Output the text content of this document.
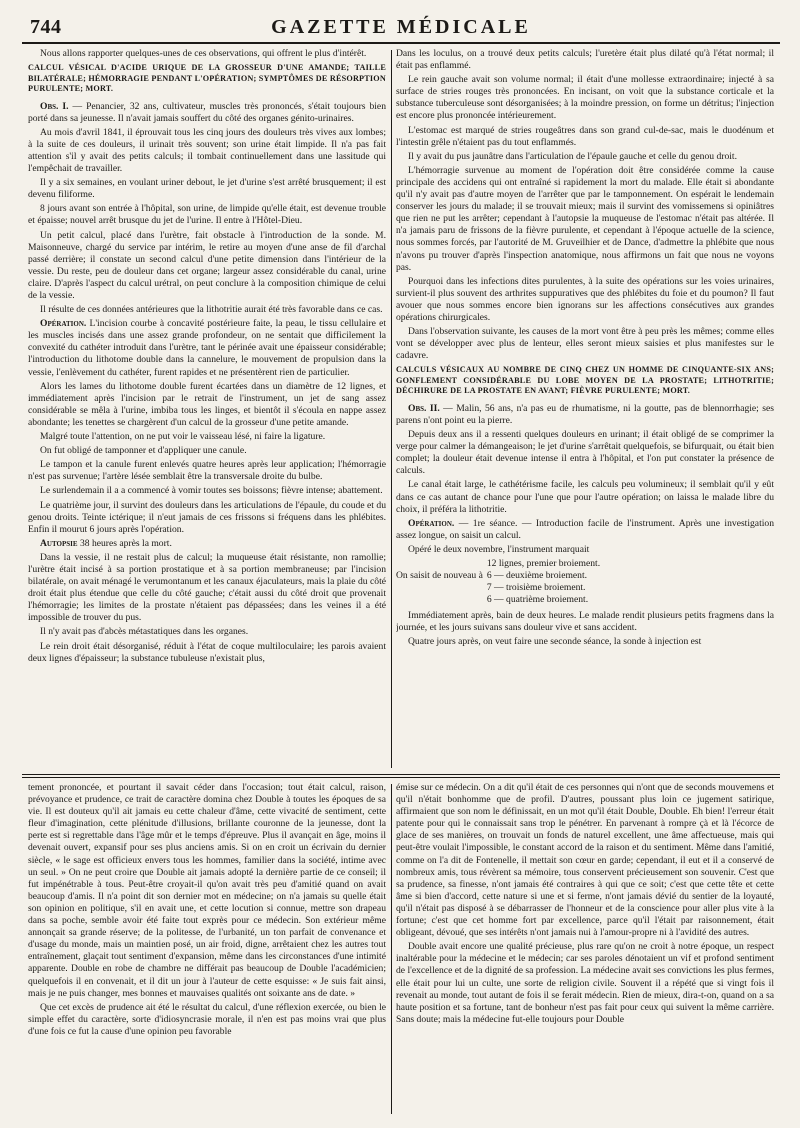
744	GAZETTE MÉDICALE

Nous allons rapporter quelques-unes de ces observations, qui offrent le plus d'intérêt.

CALCUL VÉSICAL D'ACIDE URIQUE DE LA GROSSEUR D'UNE AMANDE; TAILLE BILATÉRALE; HÉMORRAGIE PENDANT L'OPÉRATION; SYMPTÔMES DE RÉSORPTION PURULENTE; MORT.

Obs. I. — Penancier, 32 ans, cultivateur, muscles très prononcés, s'était toujours bien porté dans sa jeunesse. Il n'avait jamais souffert du côté des organes génito-urinaires.

Au mois d'avril 1841, il éprouvait tous les cinq jours des douleurs très vives aux lombes; à la suite de ces douleurs, il urinait très souvent; son urine était limpide. Il n'a pas fait attention s'il y avait des petits calculs; il tombait continuellement dans une lassitude qui l'empêchait de travailler.

Il y a six semaines, en voulant uriner debout, le jet d'urine s'est arrêté brusquement; il est devenu filiforme.

8 jours avant son entrée à l'hôpital, son urine, de limpide qu'elle était, est devenue trouble et épaisse; nouvel arrêt brusque du jet de l'urine. Il entre à l'Hôtel-Dieu.

Un petit calcul, placé dans l'urètre, fait obstacle à l'introduction de la sonde. M. Maisonneuve, chargé du service par intérim, le retire au moyen d'une anse de fil d'archal passé derrière; il constate un second calcul d'une petite dimension dans l'intérieur de la vessie. Du reste, peu de douleur dans cet organe; largeur assez considérable du canal, urine claire. D'après l'aspect du calcul urétral, on peut conclure à la composition chimique de celui de la vessie.

Il résulte de ces données antérieures que la lithotritie aurait été très favorable dans ce cas.

Opération. L'incision courbe à concavité postérieure faite, la peau, le tissu cellulaire et les muscles incisés dans une assez grande profondeur, on ne sentait que difficilement la convexité du cathéter introduit dans l'urètre, tant le périnée avait une épaisseur considérable; l'introduction du lithotome double dans la cannelure, le mouvement de propulsion dans la vessie, l'enlèvement du cathéter, furent rapides et ne présentèrent rien de particulier.

Alors les lames du lithotome double furent écartées dans un diamètre de 12 lignes, et immédiatement après l'incision par le retrait de l'instrument, un jet de sang assez considérable se mêla à l'urine, imbiba tous les linges, et bientôt il s'écoula en nappe assez abondante; les tenettes se chargèrent d'un calcul de la grosseur d'une petite amande.

Malgré toute l'attention, on ne put voir le vaisseau lésé, ni faire la ligature.

On fut obligé de tamponner et d'appliquer une canule.

Le tampon et la canule furent enlevés quatre heures après leur application; l'hémorragie n'est pas survenue; l'artère lésée semblait être la transversale droite du bulbe.

Le surlendemain il a a commencé à vomir toutes ses boissons; fièvre intense; abattement.

Le quatrième jour, il survint des douleurs dans les articulations de l'épaule, du coude et du genou droits. Teinte ictérique; il n'eut jamais de ces frissons si fréquens dans les phlébites. Enfin il mourut 6 jours après l'opération.

Autopsie 38 heures après la mort.

Dans la vessie, il ne restait plus de calcul; la muqueuse était résistante, non ramollie; l'urètre était incisé à sa portion prostatique et à sa portion membraneuse; par l'incision bilatérale, on avait ménagé le verumontanum et les canaux éjaculateurs, mais la plaie du côté droit était plus étendue que celle du côté gauche; c'était aussi du côté droit que provenait l'hémorragie; les limites de la prostate n'étaient pas dépassées; dans les veines il a été impossible de trouver du pus.

Il n'y avait pas d'abcès métastatiques dans les organes.

Le rein droit était désorganisé, réduit à l'état de coque multiloculaire; les parois avaient deux lignes d'épaisseur; la substance tubuleuse n'existait plus,

Dans les loculus, on a trouvé deux petits calculs; l'uretère était plus dilaté qu'à l'état normal; il était pas enflammé.

Le rein gauche avait son volume normal; il était d'une mollesse extraordinaire; injecté à sa surface de stries rouges très prononcées. En incisant, on voit que la substance corticale et la substance tuberculeuse sont désorganisées; à la moindre pression, on forme un détritus; l'injection est encore plus prononcée intérieurement.

L'estomac est marqué de stries rougeâtres dans son grand cul-de-sac, mais le duodénum et l'intestin grêle n'étaient pas du tout enflammés.

Il y avait du pus jaunâtre dans l'articulation de l'épaule gauche et celle du genou droit.

L'hémorragie survenue au moment de l'opération doit être considérée comme la cause principale des accidens qui ont entraîné si rapidement la mort du malade. Elle était si abondante qu'il n'y avait pas d'autre moyen de l'arrêter que par le tamponnement. On espérait le lendemain conserver les jours du malade; il se trouvait mieux; mais il survint des vomissemens si opiniâtres que rien ne put les arrêter; cependant à l'autopsie la muqueuse de l'estomac n'était pas altérée. Il n'a jamais paru de frissons de la fièvre purulente, et cependant à l'époque actuelle de la science, nous sommes forcés, par l'autorité de M. Gruveilhier et de Dance, d'admettre la phlébite que nous n'avons pu trouver d'après l'inspection anatomique, nous affirmons un fait que nous ne voyons pas.

Pourquoi dans les infections dites purulentes, à la suite des opérations sur les voies urinaires, survient-il plus souvent des arthrites suppuratives que des phlébites du foie et du poumon? Il faut avouer que nous sommes encore bien ignorans sur les affections consécutives aux grandes opérations chirurgicales.

Dans l'observation suivante, les causes de la mort vont être à peu près les mêmes; comme elles vont se développer avec plus de lenteur, elles seront mieux saisies et plus manifestes sur le cadavre.

CALCULS VÉSICAUX AU NOMBRE DE CINQ CHEZ UN HOMME DE CINQUANTE-SIX ANS; GONFLEMENT CONSIDÉRABLE DU LOBE MOYEN DE LA PROSTATE; LITHOTRITIE; DÉCHIRURE DE LA PROSTATE EN AVANT; FIÈVRE PURULENTE; MORT.

Obs. II. — Malin, 56 ans, n'a pas eu de rhumatisme, ni la goutte, pas de blennorrhagie; ses parens n'ont point eu la pierre.

Depuis deux ans il a ressenti quelques douleurs en urinant; il était obligé de se comprimer la verge pour calmer la démangeaison; le jet d'urine s'arrêtait quelquefois, se bifurquait, ou était bien complet; la douleur était devenue intense il entra à l'hôpital, et l'on put constater la présence de calculs.

Le canal était large, le cathétérisme facile, les calculs peu volumineux; il semblait qu'il y eût dans ce cas autant de chance pour l'une que pour l'autre opération; on laissa le malade libre du choix, il préféra la lithotritie.

Opération. — 1re séance. — Introduction facile de l'instrument. Après une investigation assez longue, on saisit un calcul.

Opéré le deux novembre, l'instrument marquait

	12 lignes, premier broiement.
On saisit de nouveau à	6 — deuxième broiement.
	7 — troisième broiement.
	6 — quatrième broiement.

Immédiatement après, bain de deux heures. Le malade rendit plusieurs petits fragmens dans la journée, et les jours suivans sans douleur vive et sans accident.

Quatre jours après, on veut faire une seconde séance, la sonde à injection est

tement prononcée, et pourtant il savait céder dans l'occasion; tout était calcul, raison, prévoyance et prudence, ce trait de caractère domina chez Double à toutes les époques de sa vie. Il est douteux qu'il ait jamais eu cette chaleur d'âme, cette vivacité de sentiment, cette fleur d'imagination, cette plénitude d'illusions, brillante couronne de la jeunesse, dont la perte est si regrettable dans l'âge mûr et le temps d'épreuve. Plus il avançait en âge, moins il devenait ouvert, expansif pour ses plus anciens amis. Si on en croit un écrivain du dernier siècle, « le sage est officieux envers tous les hommes, familier dans la société, intime avec un seul. » On ne peut croire que Double ait jamais adopté la dernière partie de ce conseil; il fut impénétrable à tous. Peut-être croyait-il qu'on avait très peu d'amitié quand on avait beaucoup d'amis. Il n'a point dit son dernier mot en médecine; on n'a jamais su quelle était son opinion en politique, s'il en avait une, et cette locution si connue, mettre son drapeau dans sa poche, semble avoir été faite tout exprès pour ce médecin. Son extérieur même annonçait sa grande réserve; de la politesse, de l'urbanité, un ton parfait de convenance et d'usage du monde, mais un maintien posé, un air froid, digne, arrêtaient chez les autres tout entraînement, glaçait tout sentiment d'expansion, même dans les circonstances d'une intimité apparente. Double en robe de chambre ne différait pas beaucoup de Double l'académicien; quelquefois il en convenait, et il dit un jour à l'auteur de cette esquisse: « Je suis fait ainsi, mais je ne puis changer, mes bonnes et mauvaises qualités ont soixante ans de date. »

Que cet excès de prudence ait été le résultat du calcul, d'une réflexion exercée, ou bien le simple effet du caractère, sorte d'idiosyncrasie morale, il n'en est pas moins vrai que plus d'une fois ce fut la cause d'une opinion peu favorable

émise sur ce médecin. On a dit qu'il était de ces personnes qui n'ont que de seconds mouvemens et qu'il n'était bonhomme que de profil. D'autres, poussant plus loin ce jugement satirique, affirmaient que son nom le définissait, en un mot qu'il était Double, Double. Eh bien! l'erreur était patente pour qui le connaissait sans trop le pénétrer. En parvenant à rompre çà et là l'écorce de glace de ses manières, on trouvait un fonds de naturel excellent, une âme affectueuse, mais qui peut-être voulait l'impossible, le constant accord de la raison et du sentiment. Même dans l'amitié, comme on l'a dit de Fontenelle, il mettait son cœur en garde; cependant, il eut et il a conservé de nombreux amis, tous révèrent sa mémoire, tous conservent précieusement son souvenir. C'est que sa prudence, sa finesse, n'ont jamais été contraires à qui que ce soit; c'est que cette tête et cette âme si bien d'accord, cette nature si une et si ferme, n'ont jamais dévié du sentier de la loyauté, qu'il n'était pas disposé à se débarrasser de l'honneur et de la conscience pour aller plus vite à la fortune; c'est que cet homme fort par excellence, parce qu'il l'était par raisonnement, était obligeant, dévoué, que ses intérêts n'ont jamais nui à l'amour-propre ni à l'avidité des autres.

Double avait encore une qualité précieuse, plus rare qu'on ne croit à notre époque, un respect inaltérable pour la médecine et le médecin; car ses paroles dénotaient un vif et profond sentiment de l'excellence et de la dignité de sa profession. La médecine avait ses convictions les plus fermes, elle était pour lui un culte, une sorte de religion civile. Souvent il a répété que si vingt fois il revenait au monde, tout autant de fois il se ferait médecin. Rien de mieux, dira-t-on, quand on a sa haute position et sa fortune, tant de bonheur n'est pas fait pour ceux qui suivent la même carrière. Sans doute; mais la médecine fut-elle toujours pour Double
